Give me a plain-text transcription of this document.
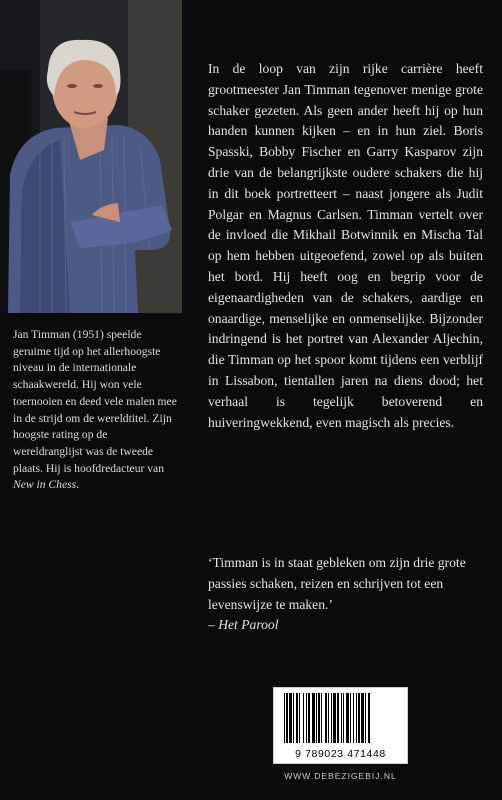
In de loop van zijn rijke carrière heeft grootmeester Jan Timman tegenover menige grote schaker gezeten. Als geen ander heeft hij op hun handen kunnen kijken – en in hun ziel. Boris Spasski, Bobby Fischer en Garry Kasparov zijn drie van de belangrijkste oudere schakers die hij in dit boek portretteert – naast jongere als Judit Polgar en Magnus Carlsen. Timman vertelt over de invloed die Mikhail Botwinnik en Mischa Tal op hem hebben uitgeoefend, zowel op als buiten het bord. Hij heeft oog en begrip voor de eigenaardigheden van de schakers, aardige en onaardige, menselijke en onmenselijke. Bijzonder indringend is het portret van Alexander Aljechin, die Timman op het spoor komt tijdens een verblijf in Lissabon, tientallen jaren na diens dood; het verhaal is tegelijk betoverend en huiveringwekkend, even magisch als precies.

Jan Timman (1951) speelde geruime tijd op het allerhoogste niveau in de internationale schaakwereld. Hij won vele toernooien en deed vele malen mee in de strijd om de wereldtitel. Zijn hoogste rating op de wereldranglijst was de tweede plaats. Hij is hoofdredacteur van New in Chess.

‘Timman is in staat gebleken om zijn drie grote passies schaken, reizen en schrijven tot een levenswijze te maken.’

– Het Parool

9 789023 471448
WWW.DEBEZIGEBIJ.NL
